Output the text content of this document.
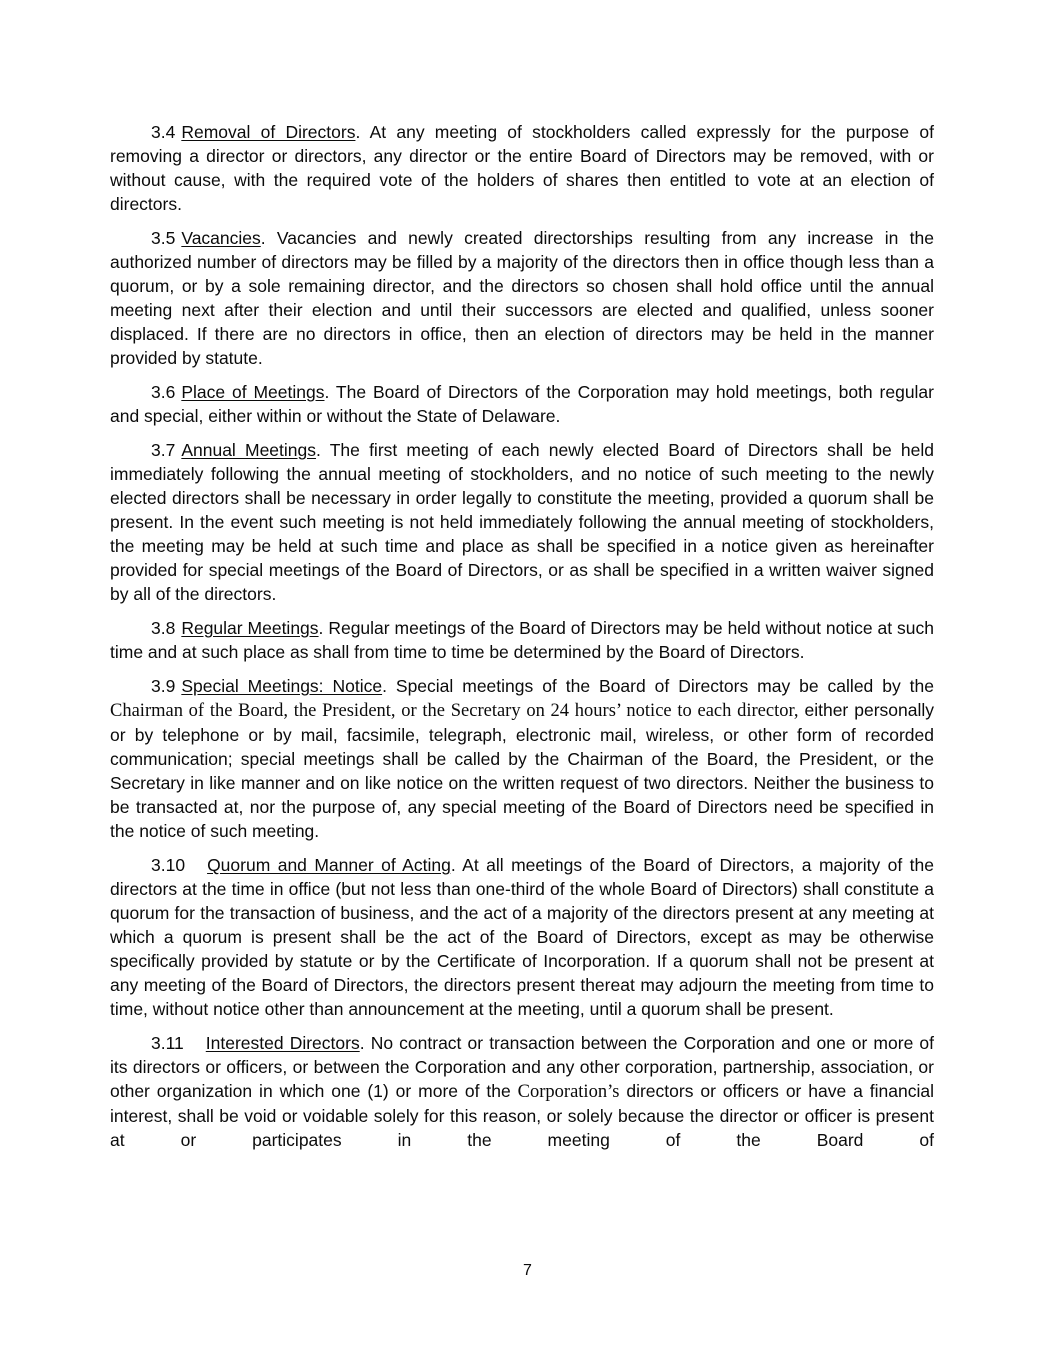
3.4 Removal of Directors. At any meeting of stockholders called expressly for the purpose of removing a director or directors, any director or the entire Board of Directors may be removed, with or without cause, with the required vote of the holders of shares then entitled to vote at an election of directors.

3.5 Vacancies. Vacancies and newly created directorships resulting from any increase in the authorized number of directors may be filled by a majority of the directors then in office though less than a quorum, or by a sole remaining director, and the directors so chosen shall hold office until the annual meeting next after their election and until their successors are elected and qualified, unless sooner displaced. If there are no directors in office, then an election of directors may be held in the manner provided by statute.

3.6 Place of Meetings. The Board of Directors of the Corporation may hold meetings, both regular and special, either within or without the State of Delaware.

3.7 Annual Meetings. The first meeting of each newly elected Board of Directors shall be held immediately following the annual meeting of stockholders, and no notice of such meeting to the newly elected directors shall be necessary in order legally to constitute the meeting, provided a quorum shall be present. In the event such meeting is not held immediately following the annual meeting of stockholders, the meeting may be held at such time and place as shall be specified in a notice given as hereinafter provided for special meetings of the Board of Directors, or as shall be specified in a written waiver signed by all of the directors.

3.8 Regular Meetings. Regular meetings of the Board of Directors may be held without notice at such time and at such place as shall from time to time be determined by the Board of Directors.

3.9 Special Meetings: Notice. Special meetings of the Board of Directors may be called by the Chairman of the Board, the President, or the Secretary on 24 hours’ notice to each director, either personally or by telephone or by mail, facsimile, telegraph, electronic mail, wireless, or other form of recorded communication; special meetings shall be called by the Chairman of the Board, the President, or the Secretary in like manner and on like notice on the written request of two directors. Neither the business to be transacted at, nor the purpose of, any special meeting of the Board of Directors need be specified in the notice of such meeting.

3.10 Quorum and Manner of Acting. At all meetings of the Board of Directors, a majority of the directors at the time in office (but not less than one-third of the whole Board of Directors) shall constitute a quorum for the transaction of business, and the act of a majority of the directors present at any meeting at which a quorum is present shall be the act of the Board of Directors, except as may be otherwise specifically provided by statute or by the Certificate of Incorporation. If a quorum shall not be present at any meeting of the Board of Directors, the directors present thereat may adjourn the meeting from time to time, without notice other than announcement at the meeting, until a quorum shall be present.

3.11 Interested Directors. No contract or transaction between the Corporation and one or more of its directors or officers, or between the Corporation and any other corporation, partnership, association, or other organization in which one (1) or more of the Corporation’s directors or officers or have a financial interest, shall be void or voidable solely for this reason, or solely because the director or officer is present at or participates in the meeting of the Board of

7
